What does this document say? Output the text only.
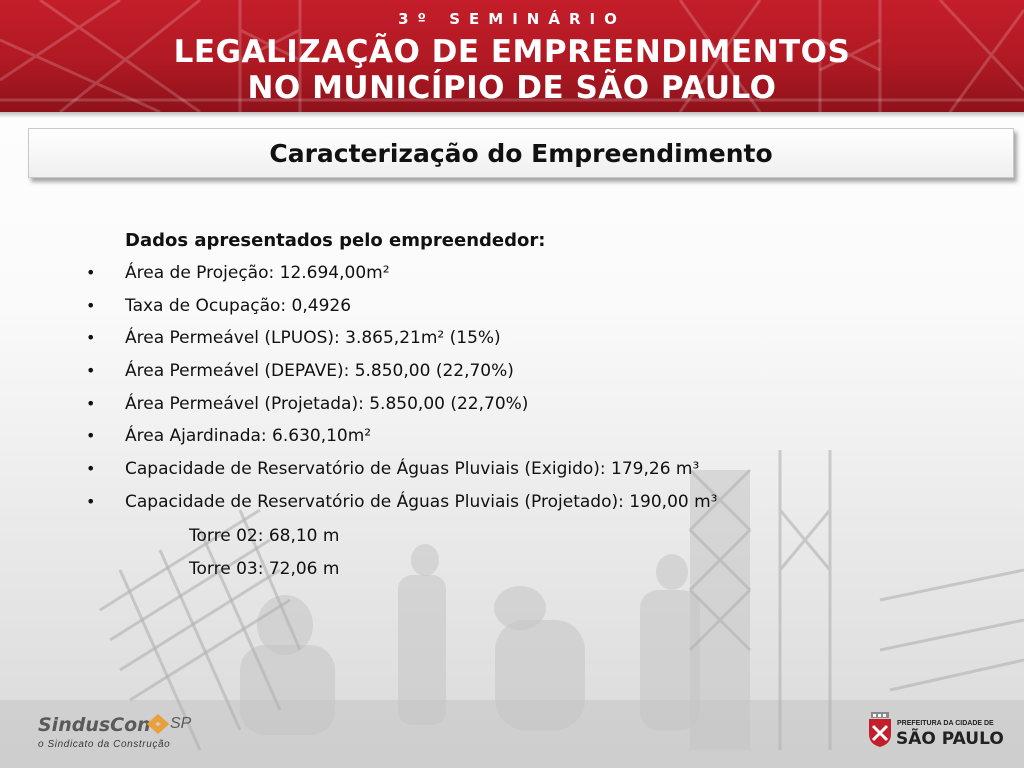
3º SEMINÁRIO
LEGALIZAÇÃO DE EMPREENDIMENTOS
NO MUNICÍPIO DE SÃO PAULO
Caracterização do Empreendimento
Dados apresentados pelo empreendedor:
• Área de Projeção: 12.694,00m²
• Taxa de Ocupação: 0,4926
• Área Permeável (LPUOS): 3.865,21m² (15%)
• Área Permeável (DEPAVE): 5.850,00 (22,70%)
• Área Permeável (Projetada): 5.850,00 (22,70%)
• Área Ajardinada: 6.630,10m²
• Capacidade de Reservatório de Águas Pluviais (Exigido): 179,26 m³
• Capacidade de Reservatório de Águas Pluviais (Projetado): 190,00 m³
Torre 02: 68,10 m
Torre 03: 72,06 m
SindusCon SP
o Sindicato da Construção
PREFEITURA DA CIDADE DE
SÃO PAULO
